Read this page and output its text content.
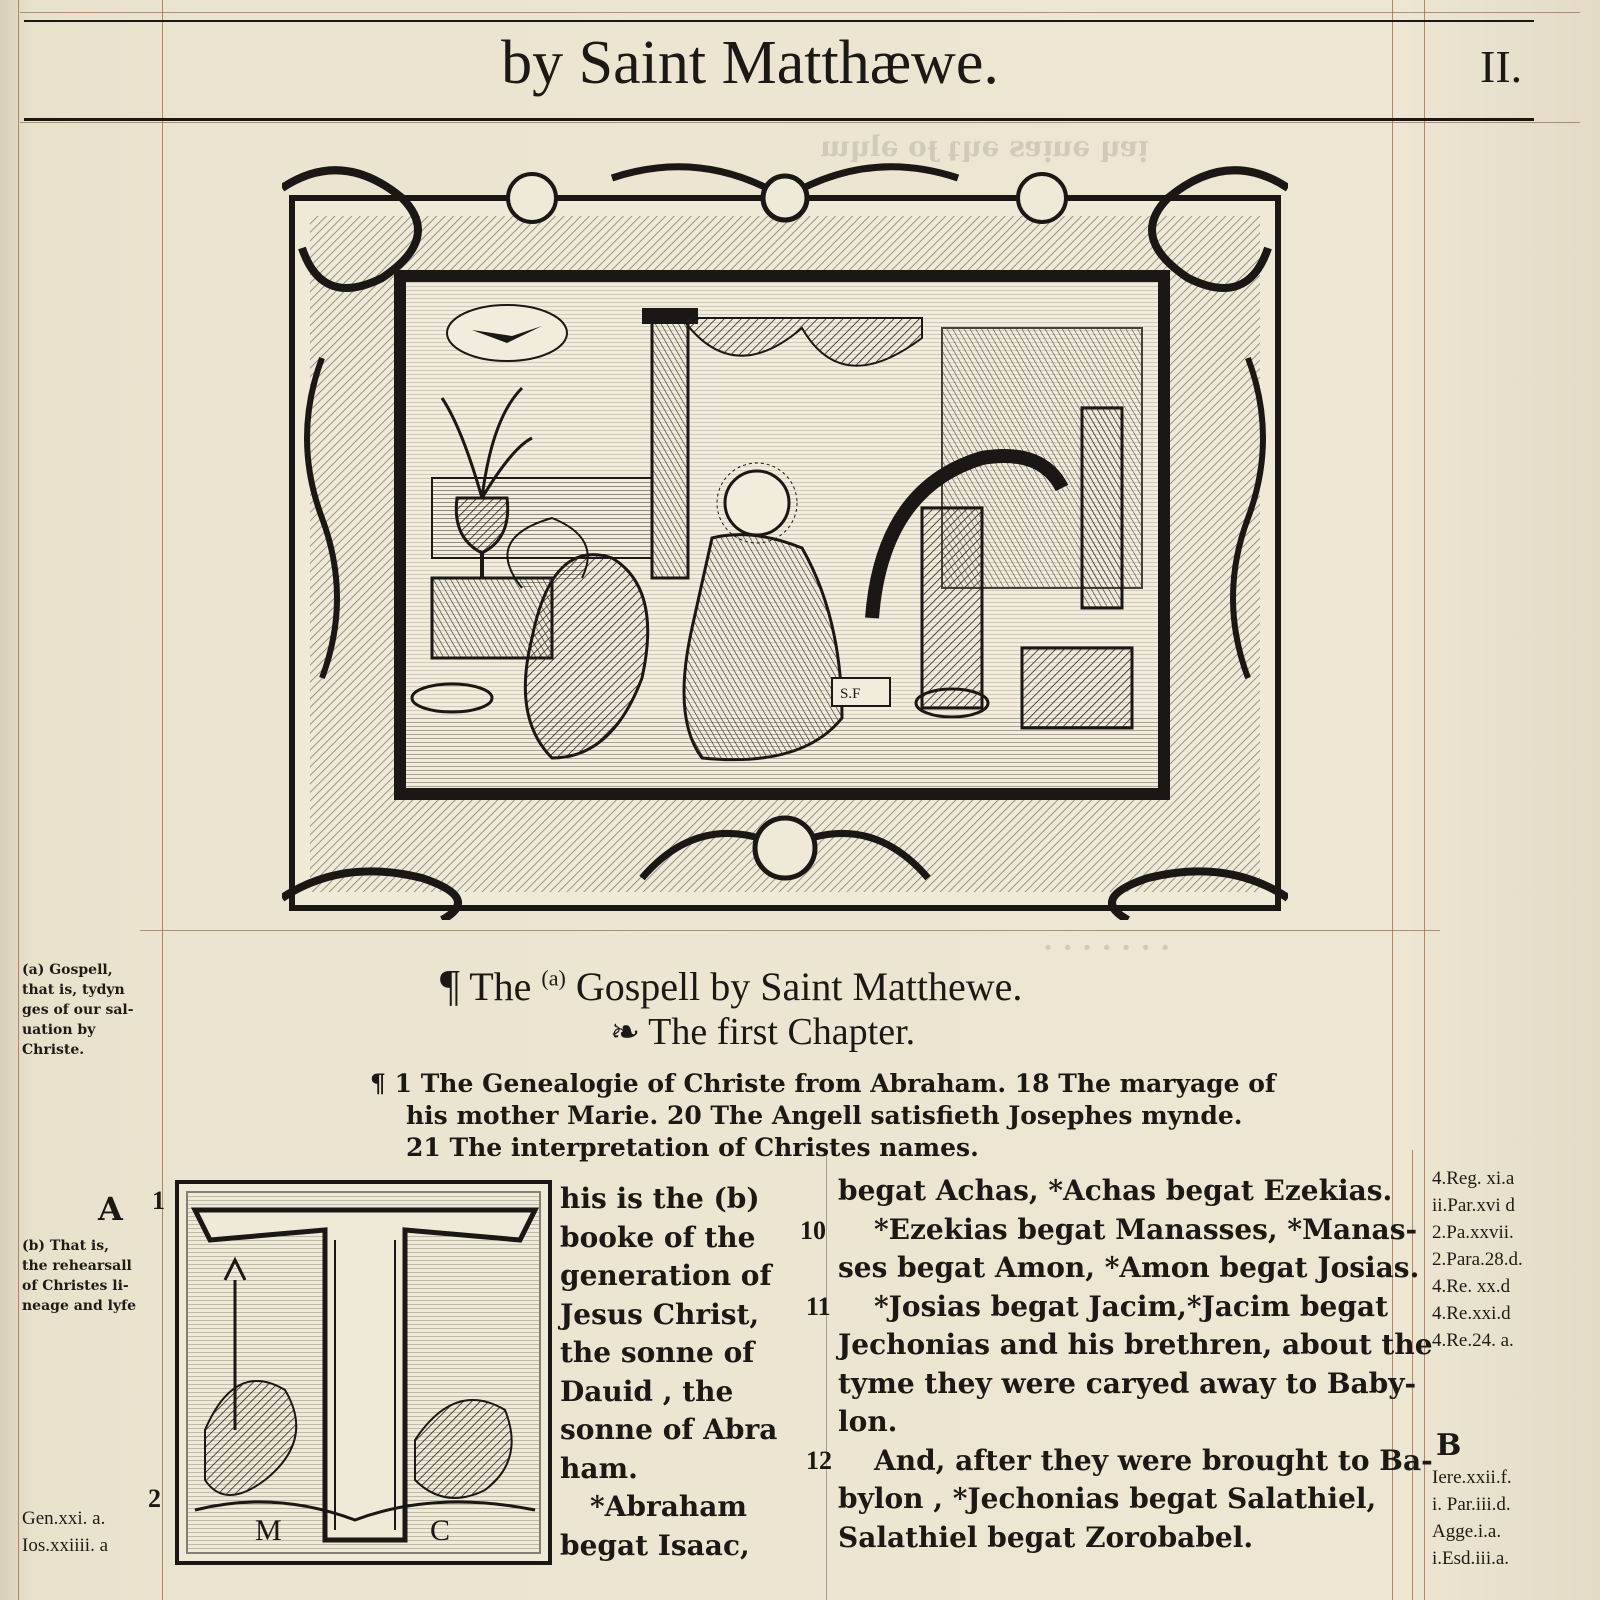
ᴉɐɥ ǝuᴉɐs ǝɥʇ ɟo ǝlɥɯ
· · · · · · ·
by Saint Matthæwe.	II.
S.F
¶ The $^{(a)}$ Gospell by Saint Matthewe.
❧ The first Chapter.
¶ 1 The Genealogie of Christe from Abraham. 18 The maryage of
his mother Marie. 20 The Angell satisfieth Josephes mynde.
21 The interpretation of Christes names.
(a) Gospell,
that is, tydyn
ges of our sal-
uation by
Christe.
A
(b) That is,
the rehearsall
of Christes li-
neage and lyfe
Gen.xxi. a.
Ios.xxiiii. a
4.Reg. xi.a
ii.Par.xvi d
2.Pa.xxvii.
2.Para.28.d.
4.Re. xx.d
4.Re.xxi.d
4.Re.24. a.
B
Iere.xxii.f.
i. Par.iii.d.
Agge.i.a.
i.Esd.iii.a.
1
2
10
11
12
M	C
his is the (b)
booke of the
generation of
Jesus Christ,
the sonne of
Dauid , the
sonne of Abra
ham.
*Abraham
begat Isaac,
begat Achas, *Achas begat Ezekias.
*Ezekias begat Manasses, *Manas-
ses begat Amon, *Amon begat Josias.
*Josias begat Jacim,*Jacim begat
Jechonias and his brethren, about the
tyme they were caryed away to Baby-
lon.
And, after they were brought to Ba-
bylon , *Jechonias begat Salathiel,
Salathiel begat Zorobabel.
